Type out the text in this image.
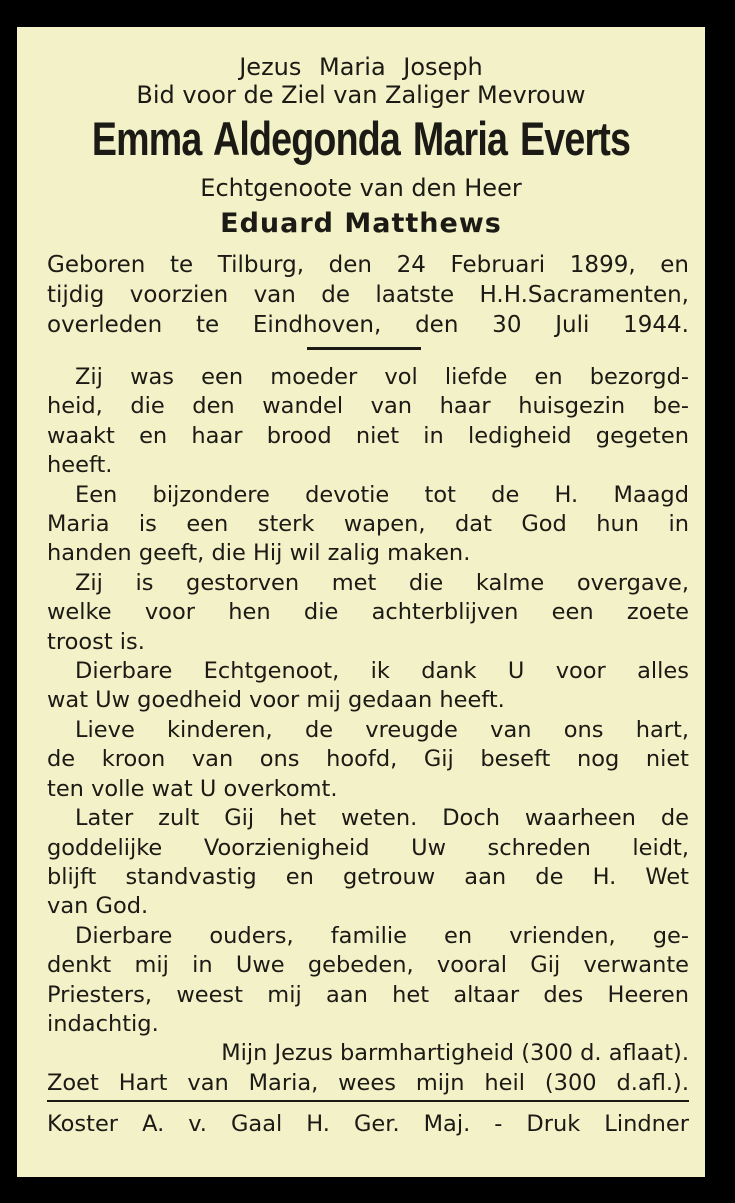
Jezus Maria Joseph
Bid voor de Ziel van Zaliger Mevrouw
Emma Aldegonda Maria Everts
Echtgenoote van den Heer
Eduard Matthews
Geboren te Tilburg, den 24 Februari 1899, en
tijdig voorzien van de laatste H.H.Sacramenten,
overleden te Eindhoven, den 30 Juli 1944.
Zij was een moeder vol liefde en bezorgd-
heid, die den wandel van haar huisgezin be-
waakt en haar brood niet in ledigheid gegeten
heeft.
Een bijzondere devotie tot de H. Maagd
Maria is een sterk wapen, dat God hun in
handen geeft, die Hij wil zalig maken.
Zij is gestorven met die kalme overgave,
welke voor hen die achterblijven een zoete
troost is.
Dierbare Echtgenoot, ik dank U voor alles
wat Uw goedheid voor mij gedaan heeft.
Lieve kinderen, de vreugde van ons hart,
de kroon van ons hoofd, Gij beseft nog niet
ten volle wat U overkomt.
Later zult Gij het weten. Doch waarheen de
goddelijke Voorzienigheid Uw schreden leidt,
blijft standvastig en getrouw aan de H. Wet
van God.
Dierbare ouders, familie en vrienden, ge-
denkt mij in Uwe gebeden, vooral Gij verwante
Priesters, weest mij aan het altaar des Heeren
indachtig.
Mijn Jezus barmhartigheid (300 d. aflaat).
Zoet Hart van Maria, wees mijn heil (300 d.afl.).
Koster A. v. Gaal H. Ger. Maj. - Druk Lindner
